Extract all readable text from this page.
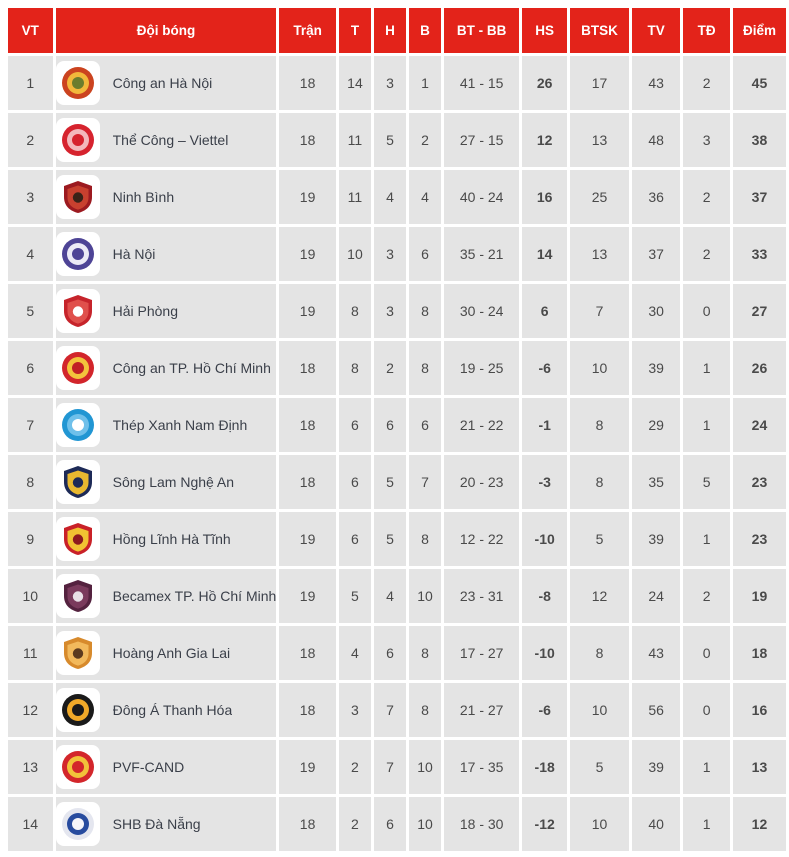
VT	Đội bóng	Trận	T	H	B	BT - BB	HS	BTSK	TV	TĐ	Điểm
1	Công an Hà Nội	18	14	3	1	41 - 15	26	17	43	2	45
2	Thể Công – Viettel	18	11	5	2	27 - 15	12	13	48	3	38
3	Ninh Bình	19	11	4	4	40 - 24	16	25	36	2	37
4	Hà Nội	19	10	3	6	35 - 21	14	13	37	2	33
5	Hải Phòng	19	8	3	8	30 - 24	6	7	30	0	27
6	Công an TP. Hồ Chí Minh	18	8	2	8	19 - 25	-6	10	39	1	26
7	Thép Xanh Nam Định	18	6	6	6	21 - 22	-1	8	29	1	24
8	Sông Lam Nghệ An	18	6	5	7	20 - 23	-3	8	35	5	23
9	Hồng Lĩnh Hà Tĩnh	19	6	5	8	12 - 22	-10	5	39	1	23
10	Becamex TP. Hồ Chí Minh	19	5	4	10	23 - 31	-8	12	24	2	19
11	Hoàng Anh Gia Lai	18	4	6	8	17 - 27	-10	8	43	0	18
12	Đông Á Thanh Hóa	18	3	7	8	21 - 27	-6	10	56	0	16
13	PVF-CAND	19	2	7	10	17 - 35	-18	5	39	1	13
14	SHB Đà Nẵng	18	2	6	10	18 - 30	-12	10	40	1	12
